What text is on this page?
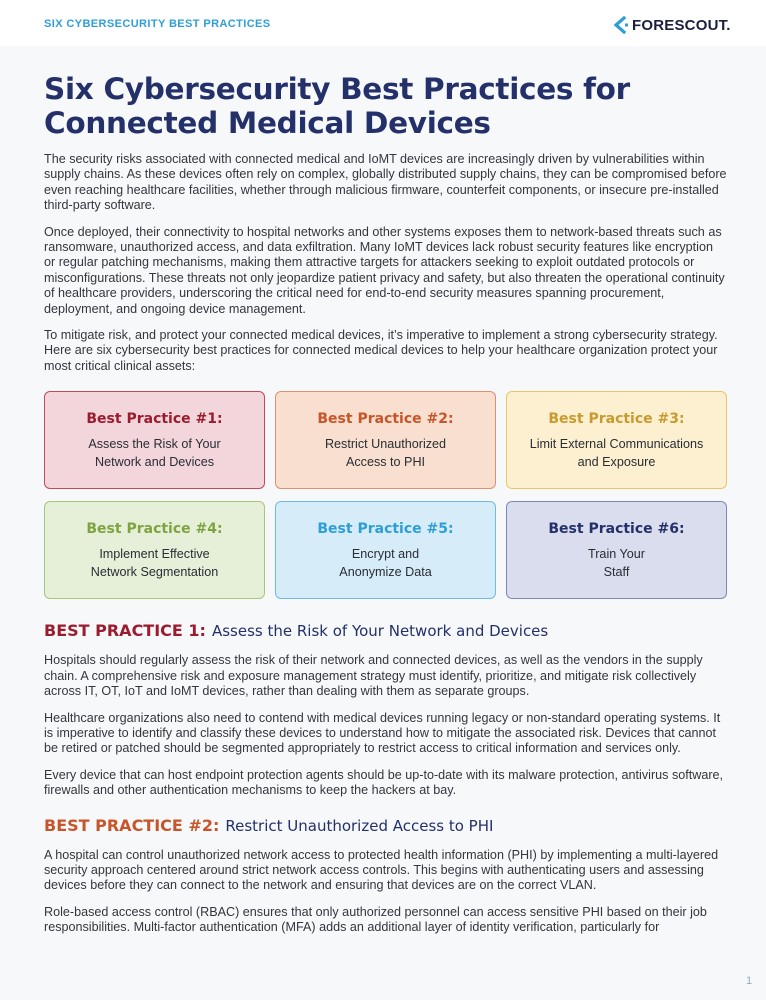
SIX CYBERSECURITY BEST PRACTICES	FORESCOUT.
Six Cybersecurity Best Practices for
Connected Medical Devices

The security risks associated with connected medical and IoMT devices are increasingly driven by vulnerabilities within supply chains. As these devices often rely on complex, globally distributed supply chains, they can be compromised before even reaching healthcare facilities, whether through malicious firmware, counterfeit components, or insecure pre-installed third-party software.

Once deployed, their connectivity to hospital networks and other systems exposes them to network-based threats such as ransomware, unauthorized access, and data exfiltration. Many IoMT devices lack robust security features like encryption or regular patching mechanisms, making them attractive targets for attackers seeking to exploit outdated protocols or misconfigurations. These threats not only jeopardize patient privacy and safety, but also threaten the operational continuity of healthcare providers, underscoring the critical need for end-to-end security measures spanning procurement, deployment, and ongoing device management.

To mitigate risk, and protect your connected medical devices, it’s imperative to implement a strong cybersecurity strategy. Here are six cybersecurity best practices for connected medical devices to help your healthcare organization protect your most critical clinical assets:

Best Practice #1:
Assess the Risk of Your
Network and Devices
Best Practice #2:
Restrict Unauthorized
Access to PHI
Best Practice #3:
Limit External Communications
and Exposure
Best Practice #4:
Implement Effective
Network Segmentation
Best Practice #5:
Encrypt and
Anonymize Data
Best Practice #6:
Train Your
Staff
BEST PRACTICE 1: Assess the Risk of Your Network and Devices

Hospitals should regularly assess the risk of their network and connected devices, as well as the vendors in the supply chain. A comprehensive risk and exposure management strategy must identify, prioritize, and mitigate risk collectively across IT, OT, IoT and IoMT devices, rather than dealing with them as separate groups.

Healthcare organizations also need to contend with medical devices running legacy or non-standard operating systems. It is imperative to identify and classify these devices to understand how to mitigate the associated risk. Devices that cannot be retired or patched should be segmented appropriately to restrict access to critical information and services only.

Every device that can host endpoint protection agents should be up-to-date with its malware protection, antivirus software, firewalls and other authentication mechanisms to keep the hackers at bay.

BEST PRACTICE #2: Restrict Unauthorized Access to PHI

A hospital can control unauthorized network access to protected health information (PHI) by implementing a multi-layered security approach centered around strict network access controls. This begins with authenticating users and assessing devices before they can connect to the network and ensuring that devices are on the correct VLAN.

Role-based access control (RBAC) ensures that only authorized personnel can access sensitive PHI based on their job responsibilities. Multi-factor authentication (MFA) adds an additional layer of identity verification, particularly for

1
